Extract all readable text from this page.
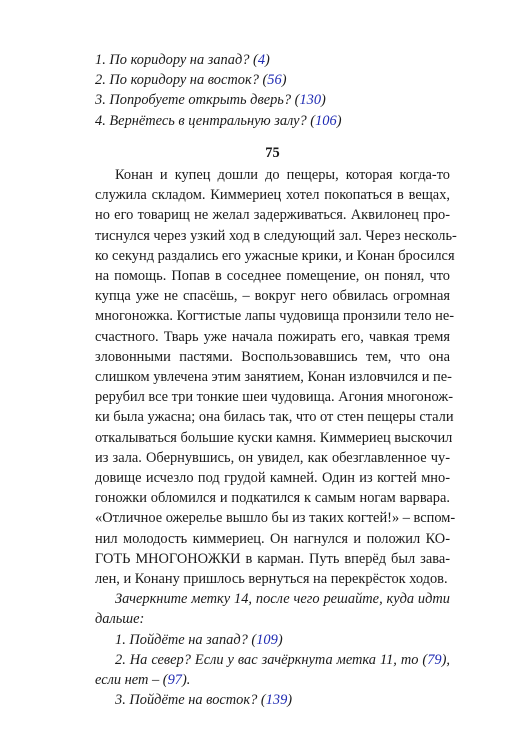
1. По коридору на запад? (4)
2. По коридору на восток? (56)
3. Попробуете открыть дверь? (130)
4. Вернётесь в центральную залу? (106)
75
Конан и купец дошли до пещеры, которая когда-то
служила складом. Киммериец хотел покопаться в вещах,
но его товарищ не желал задерживаться. Аквилонец про-
тиснулся через узкий ход в следующий зал. Через несколь-
ко секунд раздались его ужасные крики, и Конан бросился
на помощь. Попав в соседнее помещение, он понял, что
купца уже не спасёшь, – вокруг него обвилась огромная
многоножка. Когтистые лапы чудовища пронзили тело не-
счастного. Тварь уже начала пожирать его, чавкая тремя
зловонными пастями. Воспользовавшись тем, что она
слишком увлечена этим занятием, Конан изловчился и пе-
рерубил все три тонкие шеи чудовища. Агония многонож-
ки была ужасна; она билась так, что от стен пещеры стали
откалываться большие куски камня. Киммериец выскочил
из зала. Обернувшись, он увидел, как обезглавленное чу-
довище исчезло под грудой камней. Один из когтей мно-
гоножки обломился и подкатился к самым ногам варвара.
«Отличное ожерелье вышло бы из таких когтей!» – вспом-
нил молодость киммериец. Он нагнулся и положил КО-
ГОТЬ МНОГОНОЖКИ в карман. Путь вперёд был зава-
лен, и Конану пришлось вернуться на перекрёсток ходов.
Зачеркните метку 14, после чего решайте, куда идти
дальше:
1. Пойдёте на запад? (109)
2. На север? Если у вас зачёркнута метка 11, то (79),
если нет – (97).
3. Пойдёте на восток? (139)
